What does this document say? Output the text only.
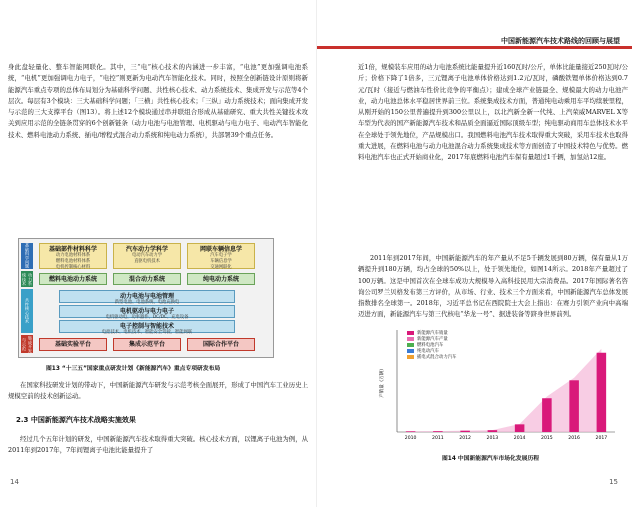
身此盘轻量化、整车智能网联化。其中，三“电”核心技术的内涵进一步丰富，“电池”更加强调电池系统，“电机”更加强调电力电子，“电控”则更新为电动汽车智能化技术。同时，按照全创新链设计原则将新能源汽车重点专项的总体布局划分为基础科学问题、共性核心技术、动力系统技术、集成开发与示范等4个层次。每层有3个模块：三大基础科学问题；「三横」共性核心技术；「三纵」动力系统技术；面向集成开发与示范的三大支撑平台（图13）。将上述12个模块通过串并联组合形成从基础研究、重大共性关键技术攻关到应用示范的全链条贯穿的6个创新链条（动力电池与电池管理、电机驱动与电力电子、电动汽车智能化技术、燃料电池动力系统、插电/增程式混合动力系统和纯电动力系统），共部署39个重点任务。

基础科学问题
动力系统技术
共性核心技术
集成开发与示范
基础部件材料科学
动力电池材料体系
燃料电池材料体系
电机控制核心材料
汽车动力学科学
电动汽车动力学
直驱电机技术
网联车辆信息学
汽车电子学
车辆信息学
交通网联化
燃料电池动力系统	混合动力系统	纯电动力系统
动力电池与电池管理
新型电池、电池系统、电池充换电
电机驱动与电力电子
电机驱动电、功率器件、DC/DC、充电设备
电子控制与智能技术
电控技术、电机技术、智能安全驾驶、智能网联
基础实验平台	集成示范平台	国际合作平台
图13 “十三五”国家重点研发计划《新能源汽车》重点专项研发布局

在国家科技研发计划的带动下，中国新能源汽车研发与示范考核全面展开，形成了中国汽车工业历史上规模空前的技术创新运动。

2.3 中国新能源汽车技术战略实施效果

经过几个五年计划的研发，中国新能源汽车技术取得重大突破。核心技术方面，以锂离子电池为例，从2011年到2017年，7年间锂离子电池比能量提升了

14
中国新能源汽车技术路线的回顾与展望

近1倍，规模装车应用的动力电池系统比能量提升近160瓦时/公斤，单体比能量接近250瓦时/公斤；价格下降了1倍多，三元锂离子电池单体价格达到1.2元/瓦时，磷酸铁锂单体价格达到0.7元/瓦时（接近与燃油车性价比竞争的平衡点）；建成全球产业链最全、规模最大的动力电池产业，动力电池总体水平稳居世界前三位。系统集成技术方面，普通纯电动乘用车平均续驶里程，从刚开始的150公里普遍提升到300公里以上，以北汽新全新一代纯、上汽荣威MARVEL X等车型为代表的国产新能源汽车技术和品质全面逼近国际顶级车型；纯电驱动商用车总体技术水平在全球处于领先地位，产品规模出口。我国燃料电池汽车技术取得重大突破，采用车技术也取得重大进展，在燃料电池与动力电池混合动力系统集成技术等方面创造了中国技术特色与优势。燃料电池汽车也正式开始商业化，2017年底燃料电池汽车保有量超过1千辆，加氢站12座。

2011年到2017年间，中国新能源汽车的年产量从不足5千辆发展到80万辆，保有量从1万辆提升到180万辆，均占全球的50%以上，处于领先地位，如图14所示。2018年产量超过了100万辆。这是中国首次在全球车成功大规模导入高科技民用大宗消费品。2017年国际著名咨询公司罗兰贝格发布第三方评价，从市场、行业、技术三个方面来看，中国新能源汽车总体发展指数排名全球第一。2018年，习近平总书记在西院院士大会上指出：在赛力引领产业向中高端迈进方面，新能源汽车与第三代核电“华龙一号”、据进装备等跻身世界前列。

产销量（万辆）
2010	2011	2012	2013	2014	2015	2016	2017
新能源汽车销量
新能源汽车产量
燃料电池汽车
纯电动汽车
插电式混合动力汽车
图14 中国新能源汽车市场化发展历程
15
